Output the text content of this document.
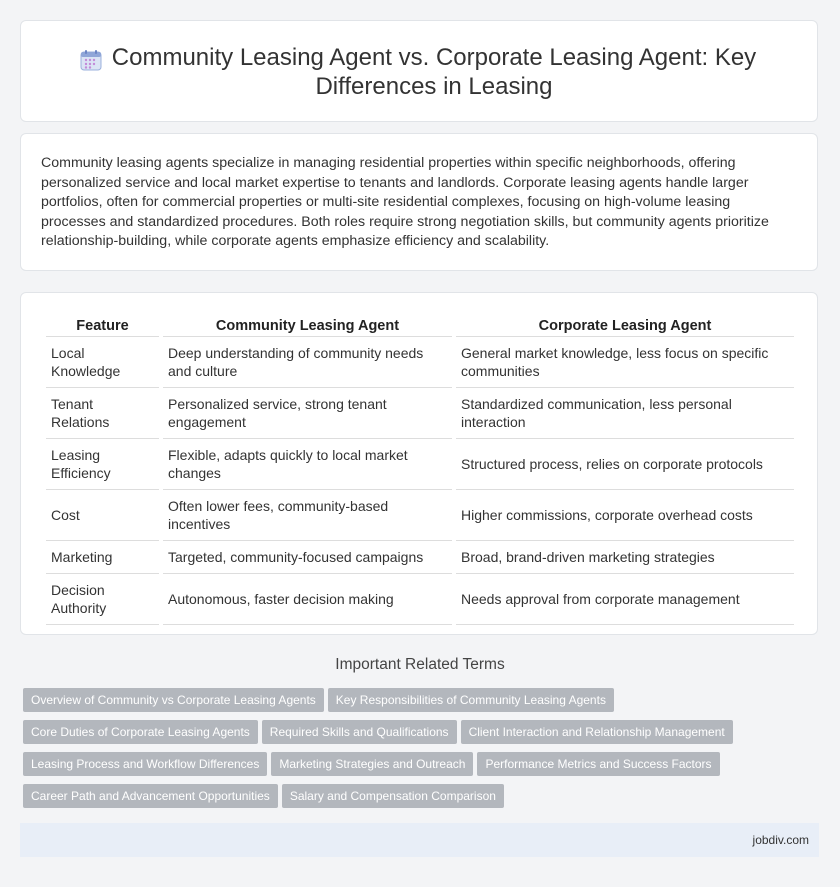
Community Leasing Agent vs. Corporate Leasing Agent: Key Differences in Leasing
Community leasing agents specialize in managing residential properties within specific neighborhoods, offering personalized service and local market expertise to tenants and landlords. Corporate leasing agents handle larger portfolios, often for commercial properties or multi-site residential complexes, focusing on high-volume leasing processes and standardized procedures. Both roles require strong negotiation skills, but community agents prioritize relationship-building, while corporate agents emphasize efficiency and scalability.
Feature	Community Leasing Agent	Corporate Leasing Agent
Local Knowledge	Deep understanding of community needs and culture	General market knowledge, less focus on specific communities
Tenant Relations	Personalized service, strong tenant engagement	Standardized communication, less personal interaction
Leasing Efficiency	Flexible, adapts quickly to local market changes	Structured process, relies on corporate protocols
Cost	Often lower fees, community-based incentives	Higher commissions, corporate overhead costs
Marketing	Targeted, community-focused campaigns	Broad, brand-driven marketing strategies
Decision Authority	Autonomous, faster decision making	Needs approval from corporate management
Important Related Terms
Overview of Community vs Corporate Leasing Agents Key Responsibilities of Community Leasing Agents
Core Duties of Corporate Leasing Agents Required Skills and Qualifications Client Interaction and Relationship Management
Leasing Process and Workflow Differences Marketing Strategies and Outreach Performance Metrics and Success Factors
Career Path and Advancement Opportunities Salary and Compensation Comparison
jobdiv.com
